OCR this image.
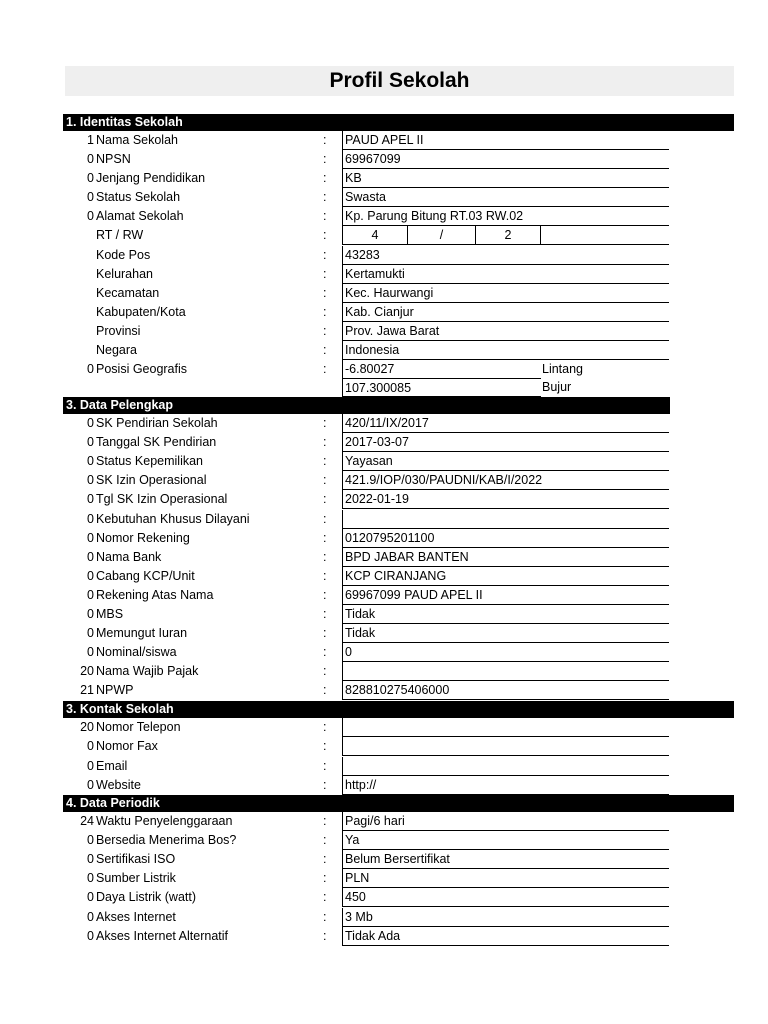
Profil Sekolah
1. Identitas Sekolah
1 Nama Sekolah	: PAUD APEL II
0 NPSN	: 69967099
0 Jenjang Pendidikan	: KB
0 Status Sekolah	: Swasta
0 Alamat Sekolah	: Kp. Parung Bitung RT.03 RW.02
RT / RW	:	4	/	2
Kode Pos	: 43283
Kelurahan	: Kertamukti
Kecamatan	: Kec. Haurwangi
Kabupaten/Kota	: Kab. Cianjur
Provinsi	: Prov. Jawa Barat
Negara	: Indonesia
0 Posisi Geografis	: -6.80027	Lintang
107.300085	Bujur
3. Data Pelengkap
0 SK Pendirian Sekolah	: 420/11/IX/2017
0 Tanggal SK Pendirian	: 2017-03-07
0 Status Kepemilikan	: Yayasan
0 SK Izin Operasional	: 421.9/IOP/030/PAUDNI/KAB/I/2022
0 Tgl SK Izin Operasional	: 2022-01-19
0 Kebutuhan Khusus Dilayani	:
0 Nomor Rekening	: 0120795201100
0 Nama Bank	: BPD JABAR BANTEN
0 Cabang KCP/Unit	: KCP CIRANJANG
0 Rekening Atas Nama	: 69967099 PAUD APEL II
0 MBS	: Tidak
0 Memungut Iuran	: Tidak
0 Nominal/siswa	: 0
20 Nama Wajib Pajak	:
21 NPWP	: 828810275406000
3. Kontak Sekolah
20 Nomor Telepon	:
0 Nomor Fax	:
0 Email	:
0 Website	: http://
4. Data Periodik
24 Waktu Penyelenggaraan	: Pagi/6 hari
0 Bersedia Menerima Bos?	: Ya
0 Sertifikasi ISO	: Belum Bersertifikat
0 Sumber Listrik	: PLN
0 Daya Listrik (watt)	: 450
0 Akses Internet	: 3 Mb
0 Akses Internet Alternatif	: Tidak Ada
